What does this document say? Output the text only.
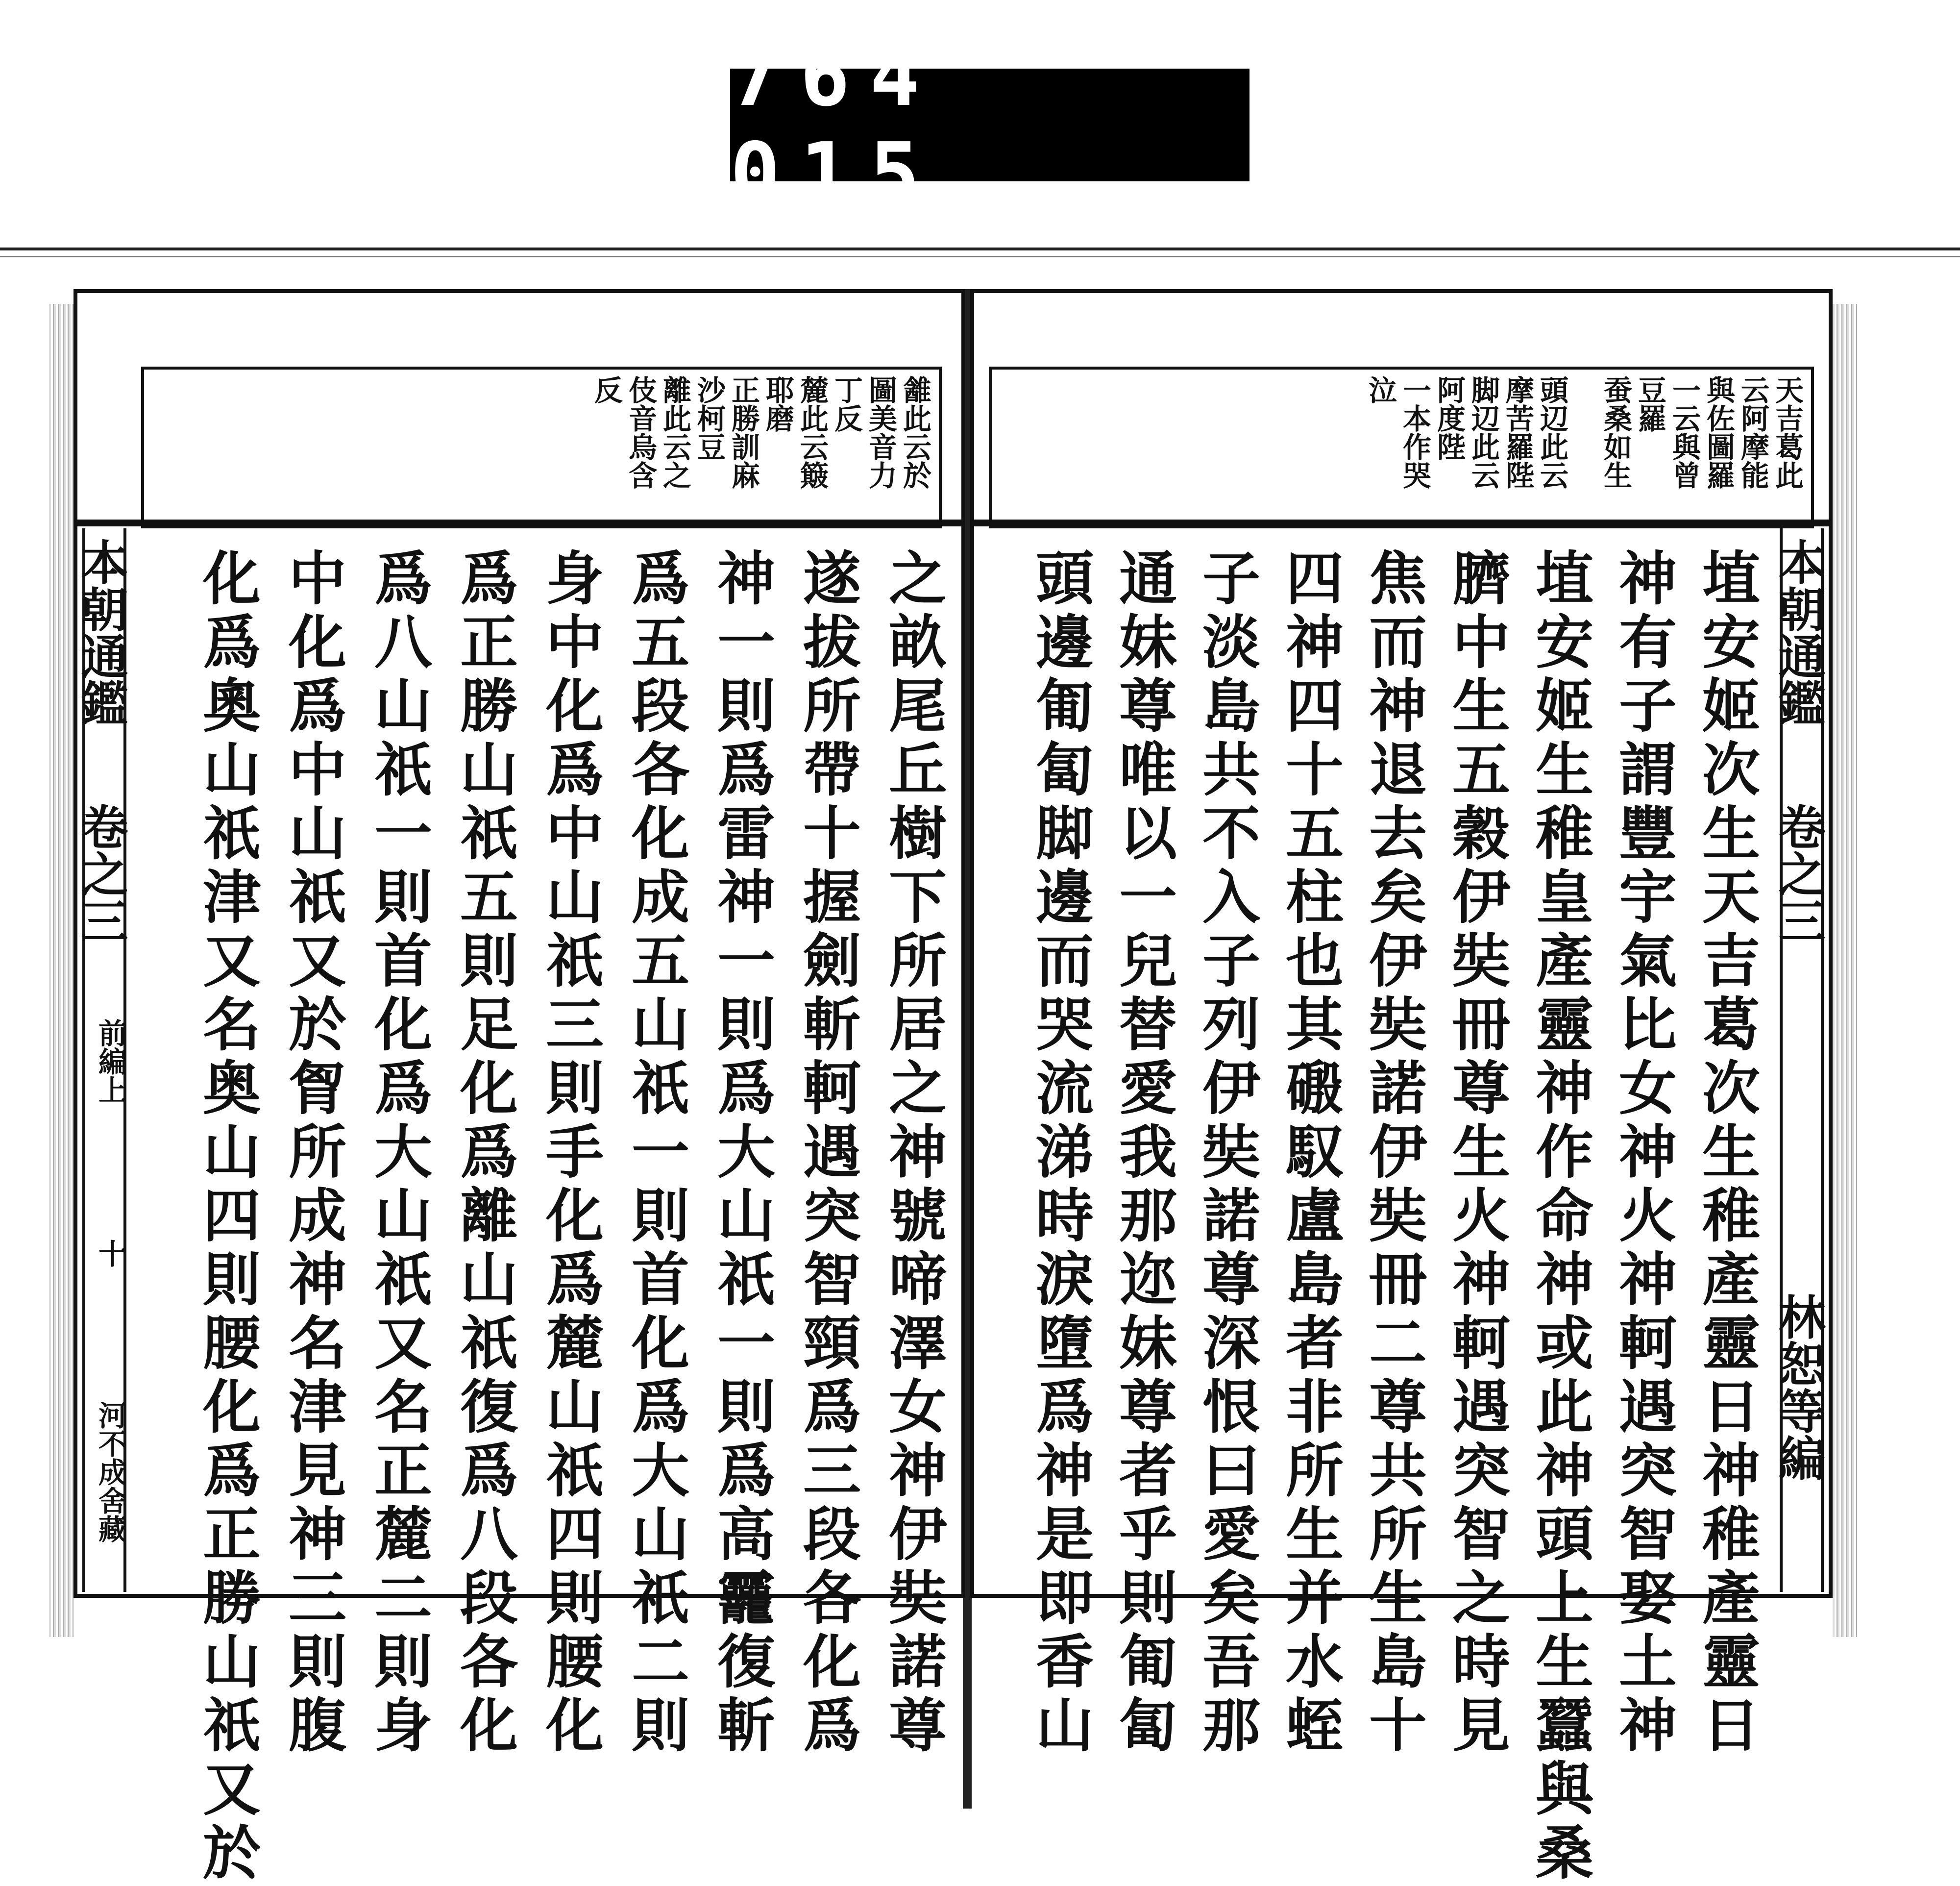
764 015.
䨄此云於
圖美音力
丁反
麓此云簸
耶磨
正勝訓麻
沙柯豆
離此云之
伎音烏含
反
之畝尾丘樹下所居之神號啼澤女神伊奘諾尊
遂拔所帶十握劍斬軻遇突智頸爲三段各化爲
神一則爲雷神一則爲大山祇一則爲高龗復斬
爲五段各化成五山祇一則首化爲大山祇二則
身中化爲中山祇三則手化爲麓山祇四則腰化
爲正勝山祇五則足化爲離山祇復爲八段各化
爲八山祇一則首化爲大山祇又名正麓二則身
中化爲中山祇又於胷所成神名津見神三則腹
化爲奧山祇津又名奥山四則腰化爲正勝山祇又於
本朝通鑑
卷之三
前編上
十
河不成舍藏
天吉葛此
云阿摩能
與佐圖羅
一云與曾
豆羅
蚕桑如生
頭辺此云
摩苦羅陛
脚辺此云
阿度陛
一本作哭
泣
埴安姬次生天吉葛次生稚產靈日神稚產靈日
神有子謂豐宇氣比女神火神軻遇突智娶土神
埴安姬生稚皇產靈神作命神或此神頭上生蠶與桑
臍中生五穀伊奘冊尊生火神軻遇突智之時見
焦而神退去矣伊奘諾伊奘冊二尊共所生島十
四神四十五柱也其磤馭盧島者非所生并水蛭
子淡島共不入子列伊奘諾尊深恨曰愛矣吾那
通妹尊唯以一兒替愛我那迩妹尊者乎則匍匐
頭邊匍匐脚邊而哭流涕時淚墮爲神是即香山	本朝通鑑
卷之三
林恕等編
